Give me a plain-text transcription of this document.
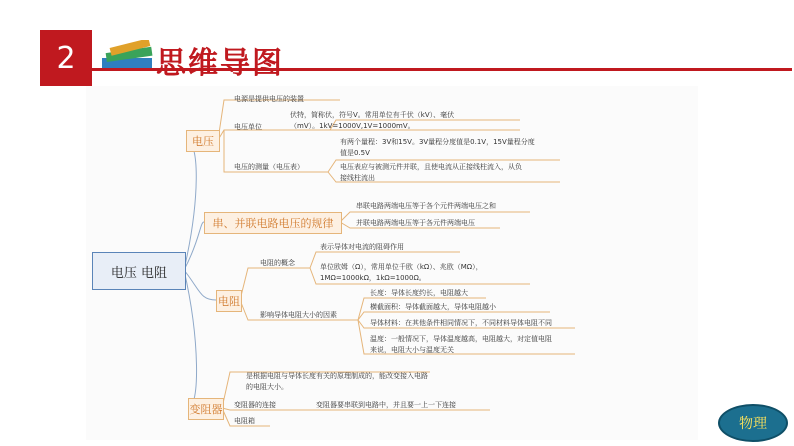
2	思维导图
电压 电阻
电压
串、并联电路电压的规律
电阻
变阻器
电源是提供电压的装置
电压单位
伏特，简称伏，符号V。常用单位有千伏（kV）、毫伏
（mV）。1kV=1000V,1V=1000mV。
电压的测量（电压表）
有两个量程：3V和15V。3V量程分度值是0.1V，15V量程分度
值是0.5V
电压表应与被测元件并联，且使电流从正接线柱流入，从负
接线柱流出
串联电路两端电压等于各个元件两端电压之和
并联电路两端电压等于各元件两端电压
电阻的概念
表示导体对电流的阻碍作用
单位欧姆（Ω），常用单位千欧（kΩ）、兆欧（MΩ），
1MΩ=1000kΩ，1kΩ=1000Ω。
影响导体电阻大小的因素
长度：导体长度约长，电阻越大
横截面积：导体截面越大，导体电阻越小
导体材料：在其他条件相同情况下，不同材料导体电阻不同
温度：一般情况下，导体温度越高，电阻越大，对定值电阻
来说，电阻大小与温度无关
是根据电阻与导体长度有关的原理制成的，能改变接入电路
的电阻大小。
变阻器的连接	变阻器要串联到电路中，并且要一上一下连接
电阻箱	物理
